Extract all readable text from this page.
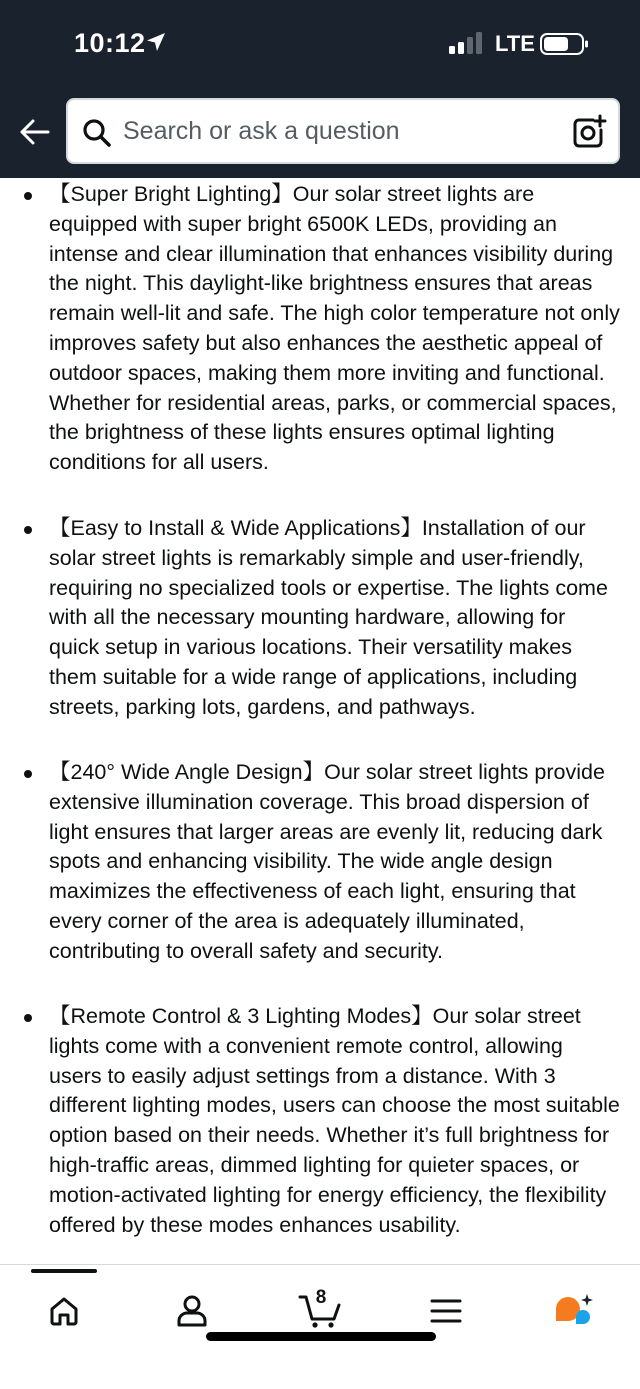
10:12	LTE
Search or ask a question
【Super Bright Lighting】Our solar street lights are equipped with super bright 6500K LEDs, providing an intense and clear illumination that enhances visibility during the night. This daylight-like brightness ensures that areas remain well-lit and safe. The high color temperature not only improves safety but also enhances the aesthetic appeal of outdoor spaces, making them more inviting and functional. Whether for residential areas, parks, or commercial spaces, the brightness of these lights ensures optimal lighting conditions for all users.
【Easy to Install & Wide Applications】Installation of our solar street lights is remarkably simple and user-friendly, requiring no specialized tools or expertise. The lights come with all the necessary mounting hardware, allowing for quick setup in various locations. Their versatility makes them suitable for a wide range of applications, including streets, parking lots, gardens, and pathways.
【240° Wide Angle Design】Our solar street lights provide extensive illumination coverage. This broad dispersion of light ensures that larger areas are evenly lit, reducing dark spots and enhancing visibility. The wide angle design maximizes the effectiveness of each light, ensuring that every corner of the area is adequately illuminated, contributing to overall safety and security.
【Remote Control & 3 Lighting Modes】Our solar street lights come with a convenient remote control, allowing users to easily adjust settings from a distance. With 3 different lighting modes, users can choose the most suitable option based on their needs. Whether it’s full brightness for high-traffic areas, dimmed lighting for quieter spaces, or motion-activated lighting for energy efficiency, the flexibility offered by these modes enhances usability.
8
